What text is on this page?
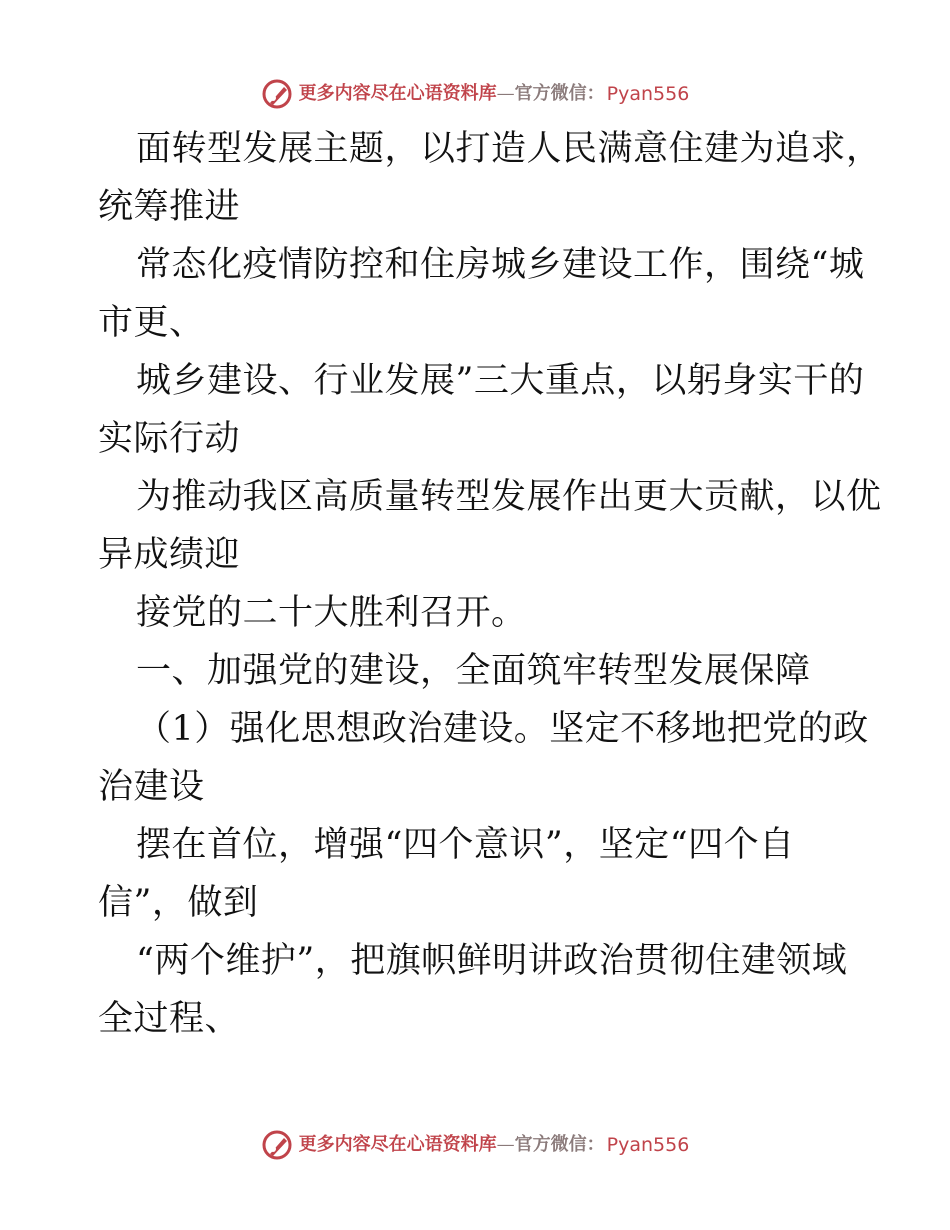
更多内容尽在心语资料库 — 官方微信： Pyan556
面转型发展主题，以打造人民满意住建为追求，
统筹推进
常态化疫情防控和住房城乡建设工作，围绕“城
市更、
城乡建设、行业发展”三大重点，以躬身实干的
实际行动
为推动我区高质量转型发展作出更大贡献，以优
异成绩迎
接党的二十大胜利召开。
一、加强党的建设，全面筑牢转型发展保障
（1）强化思想政治建设。坚定不移地把党的政
治建设
摆在首位，增强“四个意识”，坚定“四个自
信”，做到
“两个维护”，把旗帜鲜明讲政治贯彻住建领域
全过程、
更多内容尽在心语资料库 — 官方微信： Pyan556
